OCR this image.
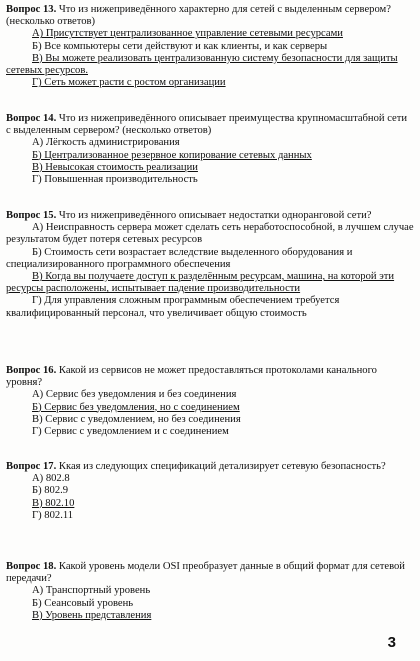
Вопрос 13. Что из нижеприведённого характерно для сетей с выделенным сервером? (несколько ответов)

А) Присутствует централизованное управление сетевыми ресурсами

Б) Все компьютеры сети действуют и как клиенты, и как серверы

В) Вы можете реализовать централизованную систему безопасности для защиты сетевых ресурсов.

Г) Сеть может расти с ростом организации

Вопрос 14. Что из нижеприведённого описывает преимущества крупномасштабной сети с выделенным сервером? (несколько ответов)

А) Лёгкость администрирования

Б) Централизованное резервное копирование сетевых данных

В) Невысокая стоимость реализации

Г) Повышенная производительность

Вопрос 15. Что из нижеприведённого описывает недостатки одноранговой сети?

А) Неисправность сервера может сделать сеть неработоспособной, в лучшем случае результатом будет потеря сетевых ресурсов

Б) Стоимость сети возрастает вследствие выделенного оборудования и специализированного программного обеспечения

В) Когда вы получаете доступ к разделённым ресурсам, машина, на которой эти ресурсы расположены, испытывает падение производительности

Г) Для управления сложным программным обеспечением требуется квалифицированный персонал, что увеличивает общую стоимость

Вопрос 16. Какой из сервисов не может предоставляться протоколами канального уровня?

А) Сервис без уведомления и без соединения

Б) Сервис без уведомления, но с соединением

В) Сервис с уведомлением, но без соединения

Г) Сервис с уведомлением и с соединением

Вопрос 17. Ккая из следующих спецификаций детализирует сетевую безопасность?

А) 802.8

Б) 802.9

В) 802.10

Г) 802.11

Вопрос 18. Какой уровень модели OSI преобразует данные в общий формат для сетевой передачи?

А) Транспортный уровень

Б) Сеансовый уровень

В) Уровень представления

3
